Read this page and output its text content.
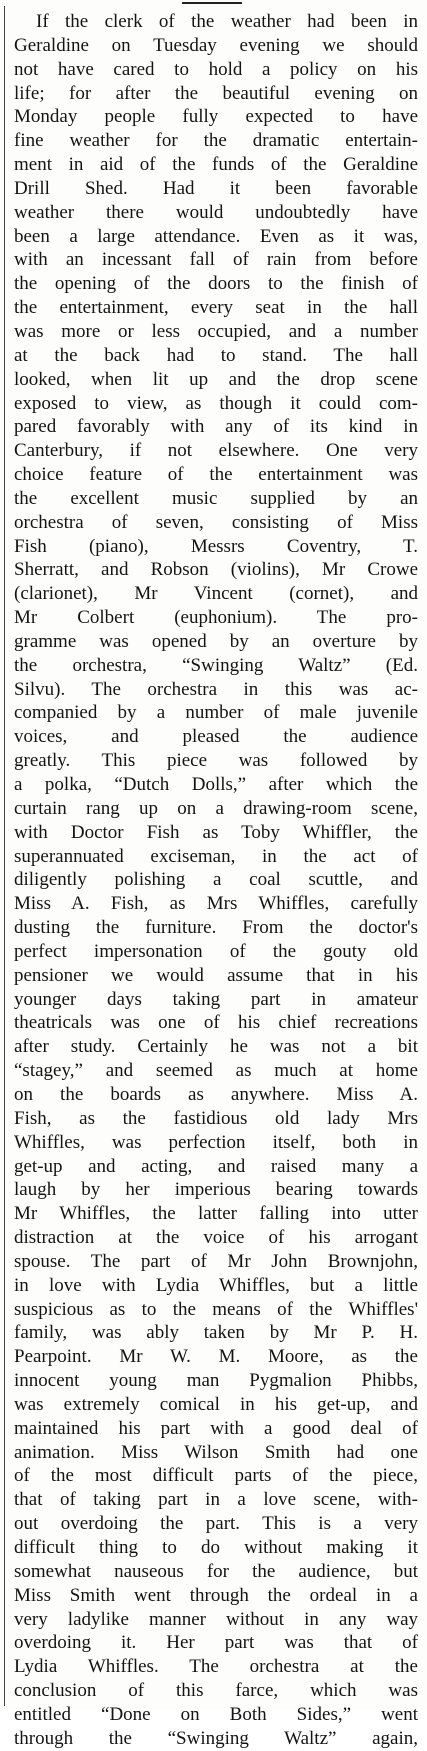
If the clerk of the weather had been in
Geraldine on Tuesday evening we should
not have cared to hold a policy on his
life; for after the beautiful evening on
Monday people fully expected to have
fine weather for the dramatic entertain-
ment in aid of the funds of the Geraldine
Drill Shed. Had it been favorable
weather there would undoubtedly have
been a large attendance. Even as it was,
with an incessant fall of rain from before
the opening of the doors to the finish of
the entertainment, every seat in the hall
was more or less occupied, and a number
at the back had to stand. The hall
looked, when lit up and the drop scene
exposed to view, as though it could com-
pared favorably with any of its kind in
Canterbury, if not elsewhere. One very
choice feature of the entertainment was
the excellent music supplied by an
orchestra of seven, consisting of Miss
Fish (piano), Messrs Coventry, T.
Sherratt, and Robson (violins), Mr Crowe
(clarionet), Mr Vincent (cornet), and
Mr Colbert (euphonium). The pro-
gramme was opened by an overture by
the orchestra, “Swinging Waltz” (Ed.
Silvu). The orchestra in this was ac-
companied by a number of male juvenile
voices, and pleased the audience
greatly. This piece was followed by
a polka, “Dutch Dolls,” after which the
curtain rang up on a drawing-room scene,
with Doctor Fish as Toby Whiffler, the
superannuated exciseman, in the act of
diligently polishing a coal scuttle, and
Miss A. Fish, as Mrs Whiffles, carefully
dusting the furniture. From the doctor's
perfect impersonation of the gouty old
pensioner we would assume that in his
younger days taking part in amateur
theatricals was one of his chief recreations
after study. Certainly he was not a bit
“stagey,” and seemed as much at home
on the boards as anywhere. Miss A.
Fish, as the fastidious old lady Mrs
Whiffles, was perfection itself, both in
get-up and acting, and raised many a
laugh by her imperious bearing towards
Mr Whiffles, the latter falling into utter
distraction at the voice of his arrogant
spouse. The part of Mr John Brownjohn,
in love with Lydia Whiffles, but a little
suspicious as to the means of the Whiffles'
family, was ably taken by Mr P. H.
Pearpoint. Mr W. M. Moore, as the
innocent young man Pygmalion Phibbs,
was extremely comical in his get-up, and
maintained his part with a good deal of
animation. Miss Wilson Smith had one
of the most difficult parts of the piece,
that of taking part in a love scene, with-
out overdoing the part. This is a very
difficult thing to do without making it
somewhat nauseous for the audience, but
Miss Smith went through the ordeal in a
very ladylike manner without in any way
overdoing it. Her part was that of
Lydia Whiffles. The orchestra at the
conclusion of this farce, which was
entitled “Done on Both Sides,” went
through the “Swinging Waltz” again,
